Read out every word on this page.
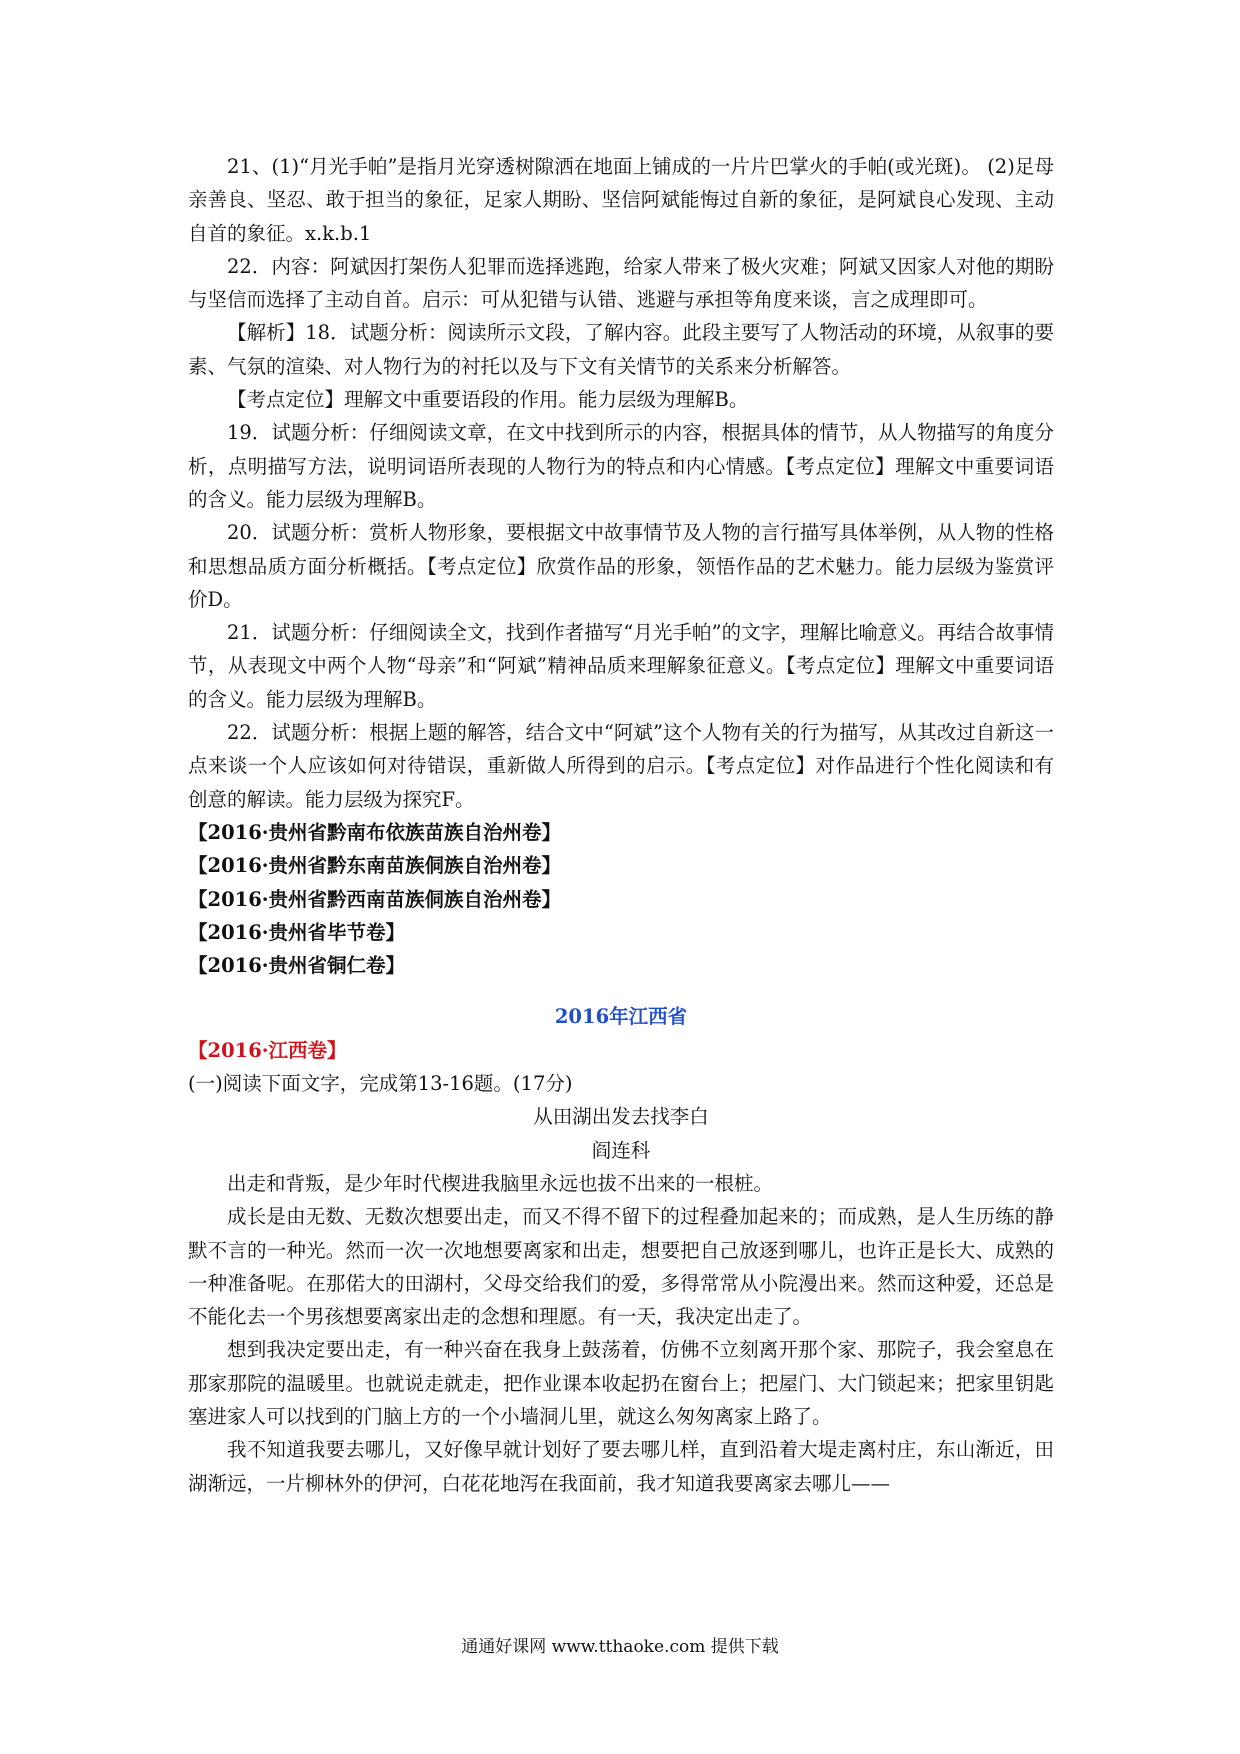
21、(1)“月光手帕”是指月光穿透树隙洒在地面上铺成的一片片巴掌火的手帕(或光斑)。 (2)足母亲善良、坚忍、敢于担当的象征，足家人期盼、坚信阿斌能悔过自新的象征，是阿斌良心发现、主动自首的象征。x.k.b.1

22．内容：阿斌因打架伤人犯罪而选择逃跑，给家人带来了极火灾难；阿斌又因家人对他的期盼与坚信而选择了主动自首。启示：可从犯错与认错、逃避与承担等角度来谈，言之成理即可。

【解析】18．试题分析：阅读所示文段，了解内容。此段主要写了人物活动的环境，从叙事的要素、气氛的渲染、对人物行为的衬托以及与下文有关情节的关系来分析解答。

【考点定位】理解文中重要语段的作用。能力层级为理解B。

19．试题分析：仔细阅读文章，在文中找到所示的内容，根据具体的情节，从人物描写的角度分析，点明描写方法，说明词语所表现的人物行为的特点和内心情感。【考点定位】理解文中重要词语的含义。能力层级为理解B。

20．试题分析：赏析人物形象，要根据文中故事情节及人物的言行描写具体举例，从人物的性格和思想品质方面分析概括。【考点定位】欣赏作品的形象，领悟作品的艺术魅力。能力层级为鉴赏评价D。

21．试题分析：仔细阅读全文，找到作者描写“月光手帕”的文字，理解比喻意义。再结合故事情节，从表现文中两个人物“母亲”和“阿斌”精神品质来理解象征意义。【考点定位】理解文中重要词语的含义。能力层级为理解B。

22．试题分析：根据上题的解答，结合文中“阿斌”这个人物有关的行为描写，从其改过自新这一点来谈一个人应该如何对待错误，重新做人所得到的启示。【考点定位】对作品进行个性化阅读和有创意的解读。能力层级为探究F。

【2016·贵州省黔南布依族苗族自治州卷】

【2016·贵州省黔东南苗族侗族自治州卷】

【2016·贵州省黔西南苗族侗族自治州卷】

【2016·贵州省毕节卷】

【2016·贵州省铜仁卷】

2016年江西省

【2016·江西卷】

(一)阅读下面文字，完成第13-16题。(17分)

从田湖出发去找李白

阎连科

出走和背叛，是少年时代楔进我脑里永远也拔不出来的一根桩。

成长是由无数、无数次想要出走，而又不得不留下的过程叠加起来的；而成熟，是人生历练的静默不言的一种光。然而一次一次地想要离家和出走，想要把自己放逐到哪儿，也许正是长大、成熟的一种准备呢。在那偌大的田湖村，父母交给我们的爱，多得常常从小院漫出来。然而这种爱，还总是不能化去一个男孩想要离家出走的念想和理愿。有一天，我决定出走了。

想到我决定要出走，有一种兴奋在我身上鼓荡着，仿佛不立刻离开那个家、那院子，我会窒息在那家那院的温暖里。也就说走就走，把作业课本收起扔在窗台上；把屋门、大门锁起来；把家里钥匙塞进家人可以找到的门脑上方的一个小墙洞儿里，就这么匆匆离家上路了。

我不知道我要去哪儿，又好像早就计划好了要去哪儿样，直到沿着大堤走离村庄，东山渐近，田湖渐远，一片柳林外的伊河，白花花地泻在我面前，我才知道我要离家去哪儿——

通通好课网 www.tthaoke.com 提供下载
